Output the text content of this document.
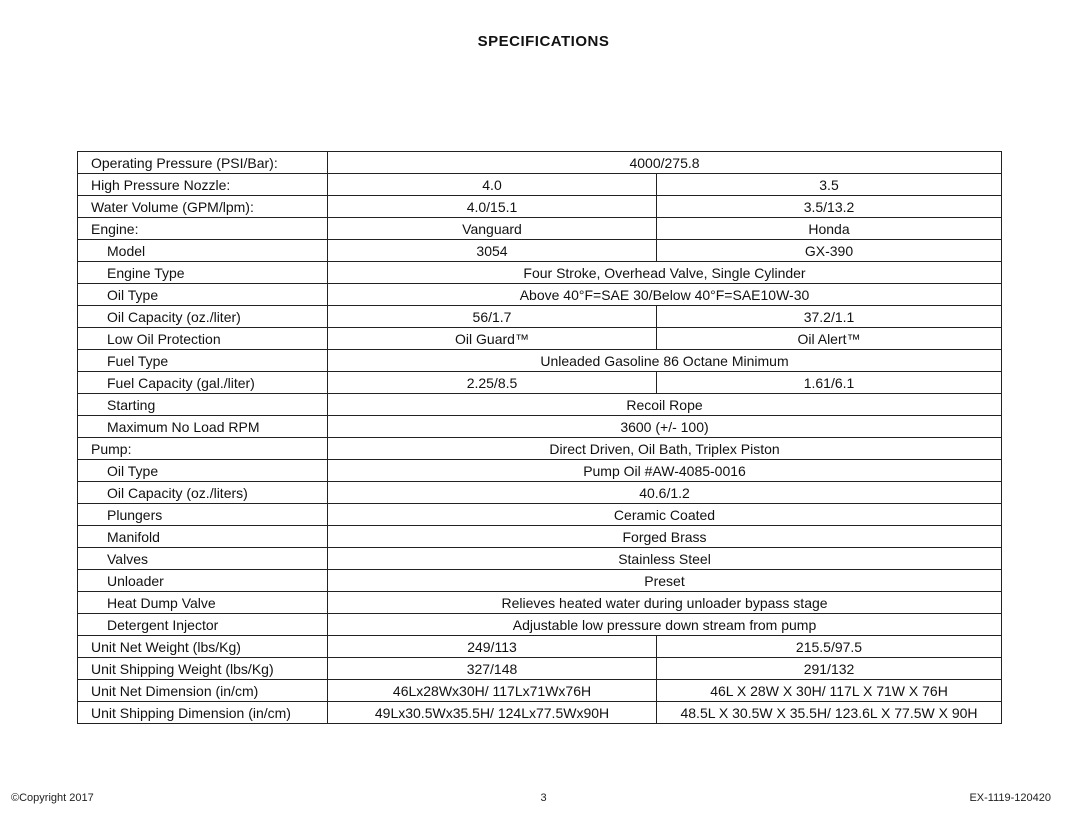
SPECIFICATIONS
Operating Pressure (PSI/Bar):	4000/275.8	
High Pressure Nozzle:	4.0	3.5
Water Volume (GPM/lpm):	4.0/15.1	3.5/13.2
Engine:	Vanguard	Honda
Model	3054	GX-390
Engine Type	Four Stroke, Overhead Valve, Single Cylinder	
Oil Type	Above 40°F=SAE 30/Below 40°F=SAE10W-30	
Oil Capacity (oz./liter)	56/1.7	37.2/1.1
Low Oil Protection	Oil Guard™	Oil Alert™
Fuel Type	Unleaded Gasoline 86 Octane Minimum	
Fuel Capacity (gal./liter)	2.25/8.5	1.61/6.1
Starting	Recoil Rope	
Maximum No Load RPM	3600 (+/- 100)	
Pump:	Direct Driven, Oil Bath, Triplex Piston	
Oil Type	Pump Oil #AW-4085-0016	
Oil Capacity (oz./liters)	40.6/1.2	
Plungers	Ceramic Coated	
Manifold	Forged Brass	
Valves	Stainless Steel	
Unloader	Preset	
Heat Dump Valve	Relieves heated water during unloader bypass stage	
Detergent Injector	Adjustable low pressure down stream from pump	
Unit Net Weight (lbs/Kg)	249/113	215.5/97.5
Unit Shipping Weight (lbs/Kg)	327/148	291/132
Unit Net Dimension (in/cm)	46Lx28Wx30H/ 117Lx71Wx76H	46L X 28W X 30H/ 117L X 71W X 76H
Unit Shipping Dimension (in/cm)	49Lx30.5Wx35.5H/ 124Lx77.5Wx90H	48.5L X 30.5W X 35.5H/ 123.6L X 77.5W X 90H
©Copyright 2017	3	EX-1119-120420
